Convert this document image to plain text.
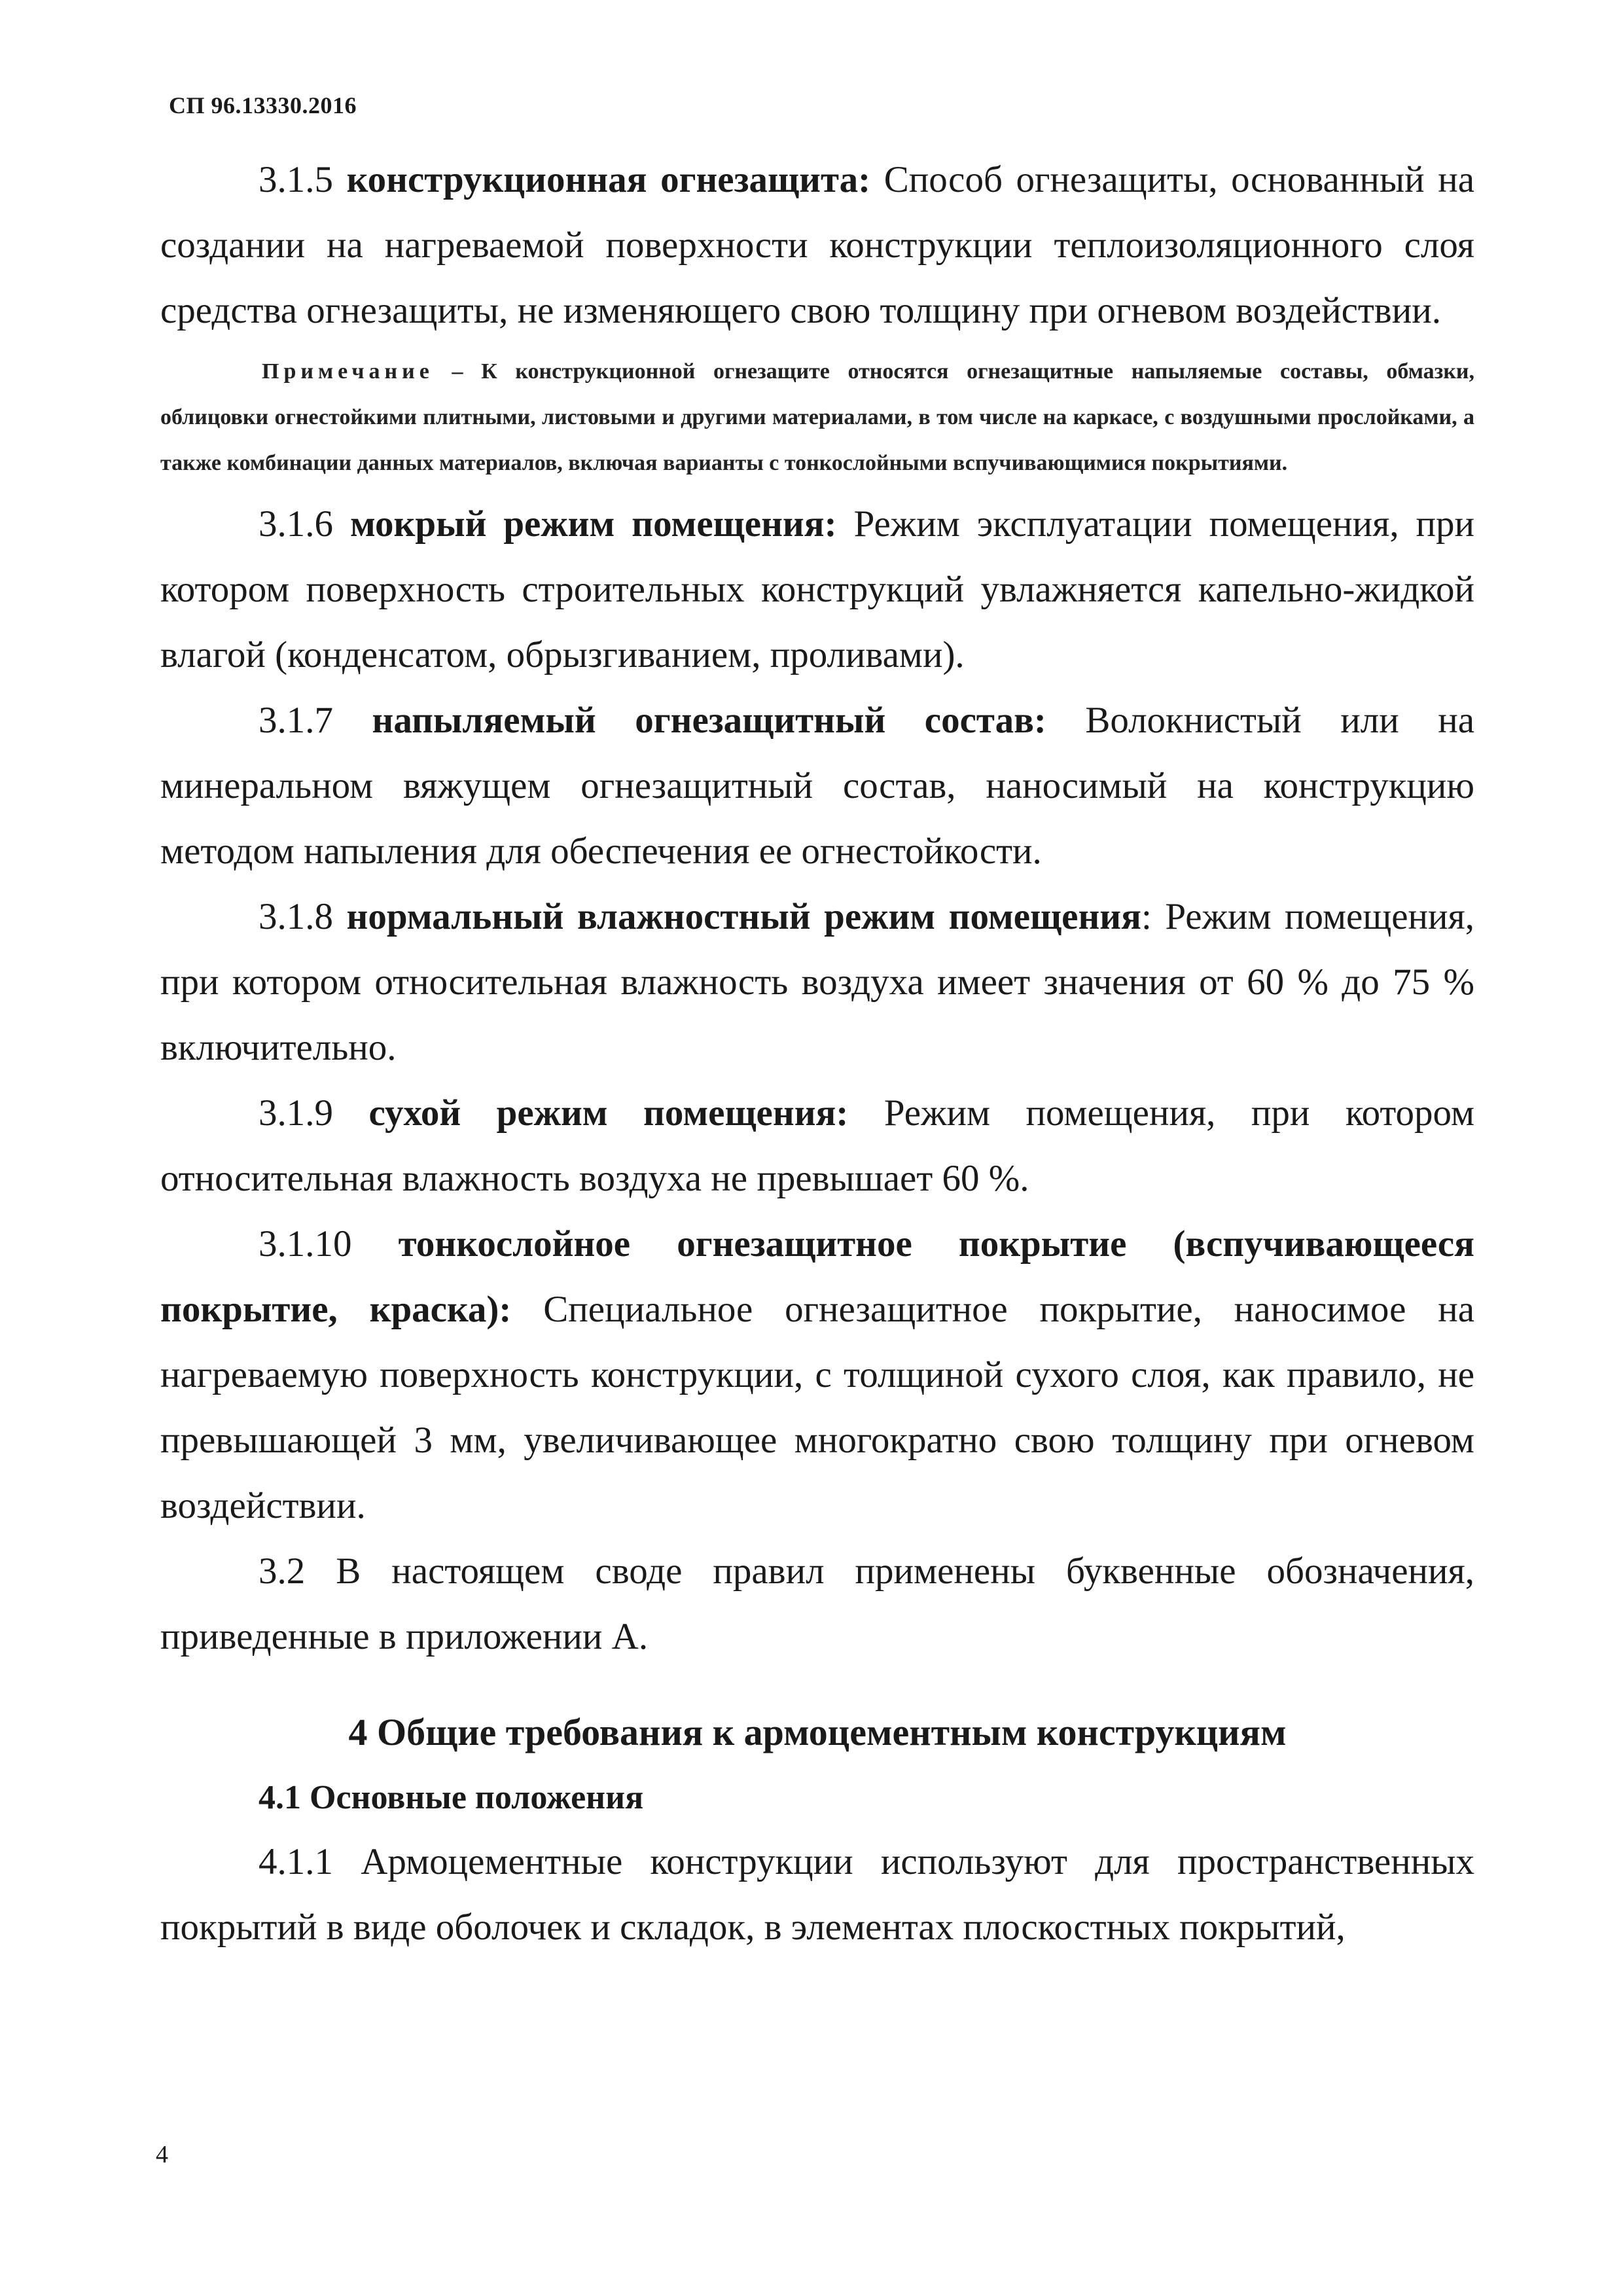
СП 96.13330.2016

3.1.5 конструкционная огнезащита: Способ огнезащиты, основанный на создании на нагреваемой поверхности конструкции теплоизоляционного слоя средства огнезащиты, не изменяющего свою толщину при огневом воздействии.

Примечание – К конструкционной огнезащите относятся огнезащитные напыляемые составы, обмазки, облицовки огнестойкими плитными, листовыми и другими материалами, в том числе на каркасе, с воздушными прослойками, а также комбинации данных материалов, включая варианты с тонкослойными вспучивающимися покрытиями.

3.1.6 мокрый режим помещения: Режим эксплуатации помещения, при котором поверхность строительных конструкций увлажняется капельно-жидкой влагой (конденсатом, обрызгиванием, проливами).

3.1.7 напыляемый огнезащитный состав: Волокнистый или на минеральном вяжущем огнезащитный состав, наносимый на конструкцию методом напыления для обеспечения ее огнестойкости.

3.1.8 нормальный влажностный режим помещения: Режим помещения, при котором относительная влажность воздуха имеет значения от 60 % до 75 % включительно.

3.1.9 сухой режим помещения: Режим помещения, при котором относительная влажность воздуха не превышает 60 %.

3.1.10 тонкослойное огнезащитное покрытие (вспучивающееся покрытие, краска): Специальное огнезащитное покрытие, наносимое на нагреваемую поверхность конструкции, с толщиной сухого слоя, как правило, не превышающей 3 мм, увеличивающее многократно свою толщину при огневом воздействии.

3.2 В настоящем своде правил применены буквенные обозначения, приведенные в приложении А.

4 Общие требования к армоцементным конструкциям
4.1 Основные положения

4.1.1 Армоцементные конструкции используют для пространственных покрытий в виде оболочек и складок, в элементах плоскостных покрытий,

4
